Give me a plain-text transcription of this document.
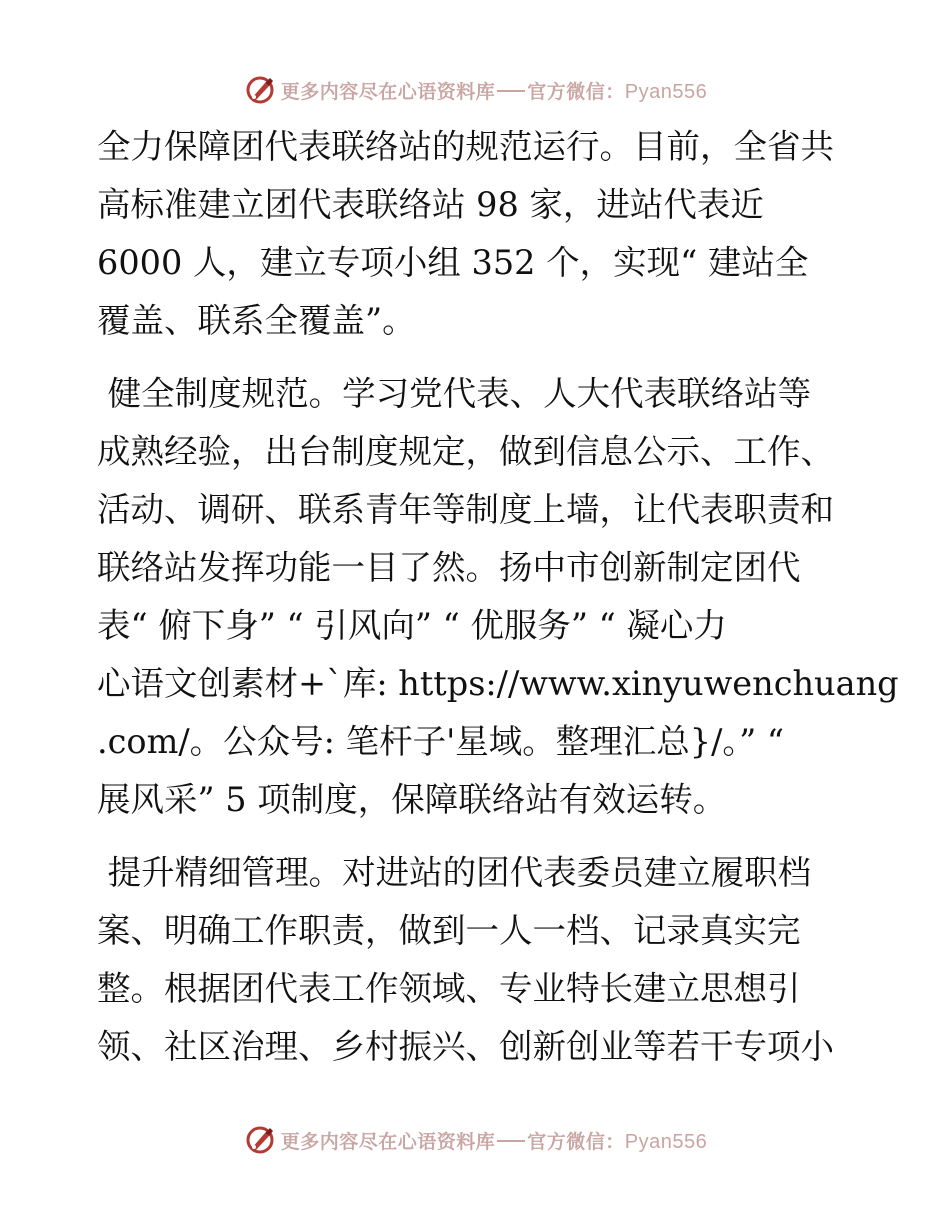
更多内容尽在心语资料库 官方微信：Pyan556
全力保障团代表联络站的规范运行。目前，全省共
高标准建立团代表联络站 98 家，进站代表近
6000 人，建立专项小组 352 个，实现“ 建站全
覆盖、联系全覆盖”。
健全制度规范。学习党代表、人大代表联络站等
成熟经验，出台制度规定，做到信息公示、工作、
活动、调研、联系青年等制度上墙，让代表职责和
联络站发挥功能一目了然。扬中市创新制定团代
表“ 俯下身” “ 引风向” “ 优服务” “ 凝心力
心语文创素材+`库: https://www.xinyuwenchuang
.com/。公众号: 笔杆子'星域。整理汇总}/。” “
展风采” 5 项制度，保障联络站有效运转。
提升精细管理。对进站的团代表委员建立履职档
案、明确工作职责，做到一人一档、记录真实完
整。根据团代表工作领域、专业特长建立思想引
领、社区治理、乡村振兴、创新创业等若干专项小
更多内容尽在心语资料库 官方微信：Pyan556
